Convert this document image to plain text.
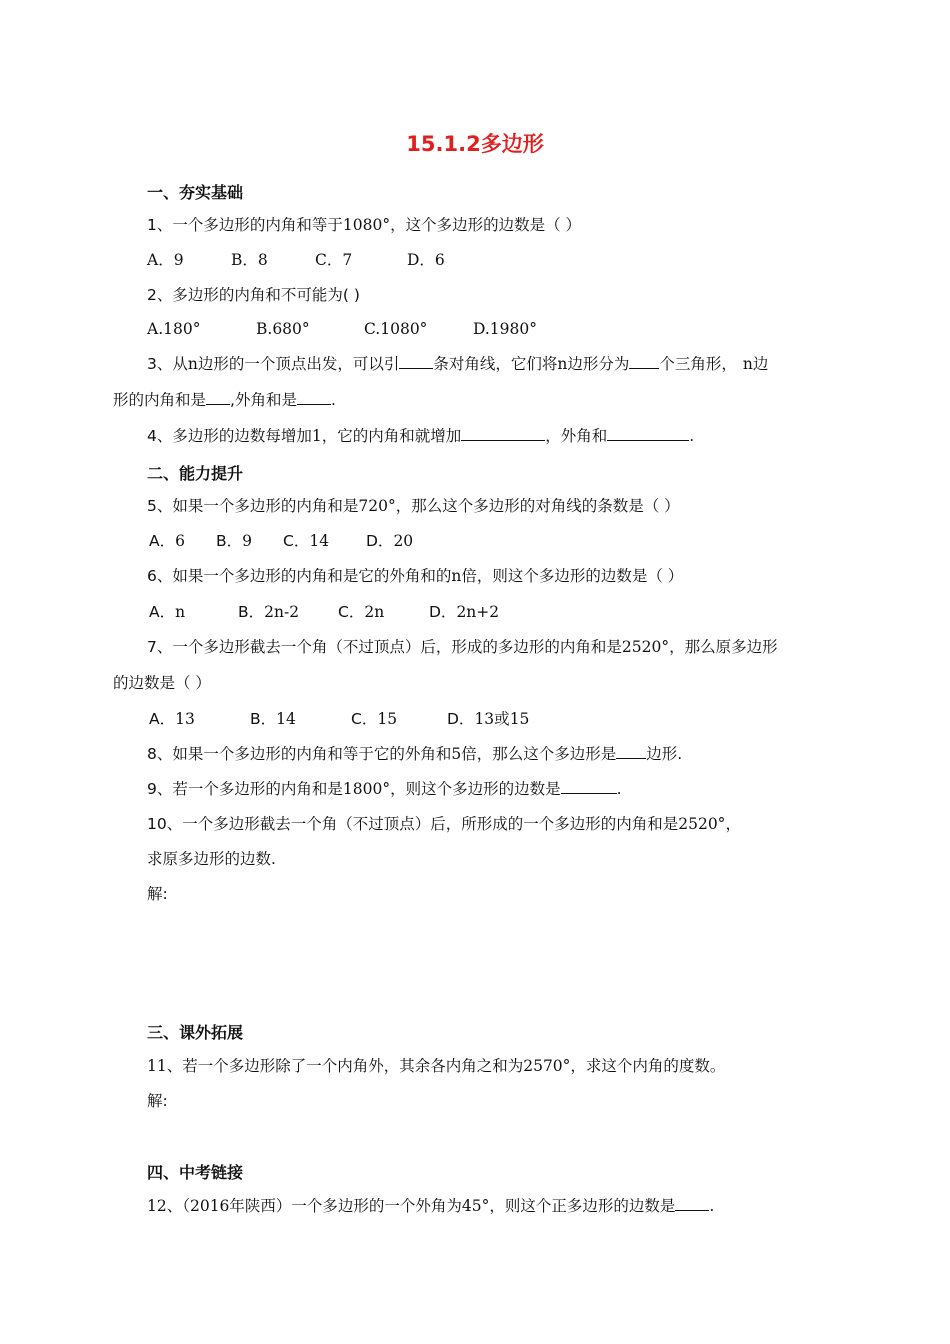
15.1.2多边形
一、夯实基础
1、一个多边形的内角和等于1080°，这个多边形的边数是（ ）
A．9	B．8	C．7	D．6
2、多边形的内角和不可能为( )
A.180°	B.680°	C.1080°	D.1980°
3、从n边形的一个顶点出发，可以引 条对角线，它们将n边形分为 个三角形， n边
形的内角和是 ,外角和是 .
4、多边形的边数每增加1，它的内角和就增加	，外角和	.
二、能力提升
5、如果一个多边形的内角和是720°，那么这个多边形的对角线的条数是（ ）
A．6 B．9 C．14 D．20
6、如果一个多边形的内角和是它的外角和的n倍，则这个多边形的边数是（ ）
A．n	B．2n-2	C．2n	D．2n+2
7、一个多边形截去一个角（不过顶点）后，形成的多边形的内角和是2520°，那么原多边形
的边数是（ ）
A．13	B．14	C．15	D．13或15
8、如果一个多边形的内角和等于它的外角和5倍，那么这个多边形是 边形.
9、若一个多边形的内角和是1800°，则这个多边形的边数是	.
10、一个多边形截去一个角（不过顶点）后，所形成的一个多边形的内角和是2520°，
求原多边形的边数.
解:
三、课外拓展
11、若一个多边形除了一个内角外，其余各内角之和为2570°，求这个内角的度数。
解:
四、中考链接
12、（2016年陕西）一个多边形的一个外角为45°，则这个正多边形的边数是 .
